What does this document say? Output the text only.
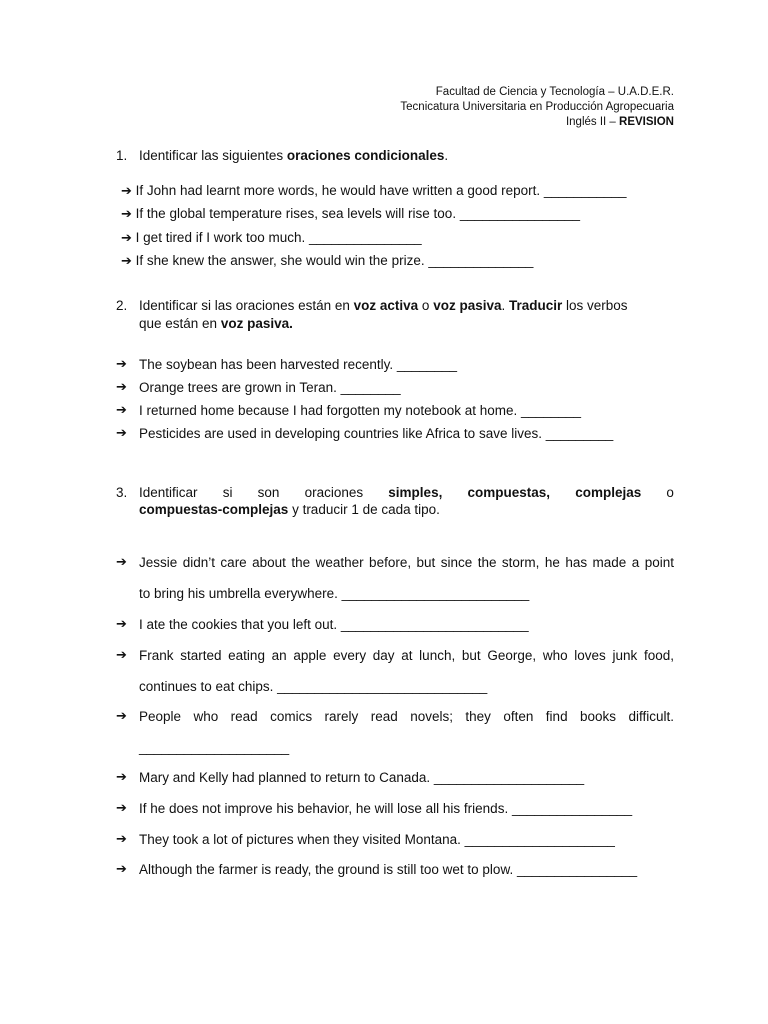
Facultad de Ciencia y Tecnología – U.A.D.E.R.
Tecnicatura Universitaria en Producción Agropecuaria
Inglés II – REVISION
1. Identificar las siguientes oraciones condicionales.
➔ If John had learnt more words, he would have written a good report. ___________
➔ If the global temperature rises, sea levels will rise too. ________________
➔ I get tired if I work too much. _______________
➔ If she knew the answer, she would win the prize. ______________
2. Identificar si las oraciones están en voz activa o voz pasiva. Traducir los verbos
que están en voz pasiva.
➔ The soybean has been harvested recently. ________
➔ Orange trees are grown in Teran. ________
➔ I returned home because I had forgotten my notebook at home. ________
➔ Pesticides are used in developing countries like Africa to save lives. _________
3. Identificar si son oraciones simples, compuestas, complejas o
compuestas-complejas y traducir 1 de cada tipo.
➔ Jessie didn’t care about the weather before, but since the storm, he has made a point
to bring his umbrella everywhere. _________________________
➔ I ate the cookies that you left out. _________________________
➔ Frank started eating an apple every day at lunch, but George, who loves junk food,
continues to eat chips. ____________________________
➔ People who read comics rarely read novels; they often find books difficult.
____________________
➔ Mary and Kelly had planned to return to Canada. ____________________
➔ If he does not improve his behavior, he will lose all his friends. ________________
➔ They took a lot of pictures when they visited Montana. ____________________
➔ Although the farmer is ready, the ground is still too wet to plow. ________________
